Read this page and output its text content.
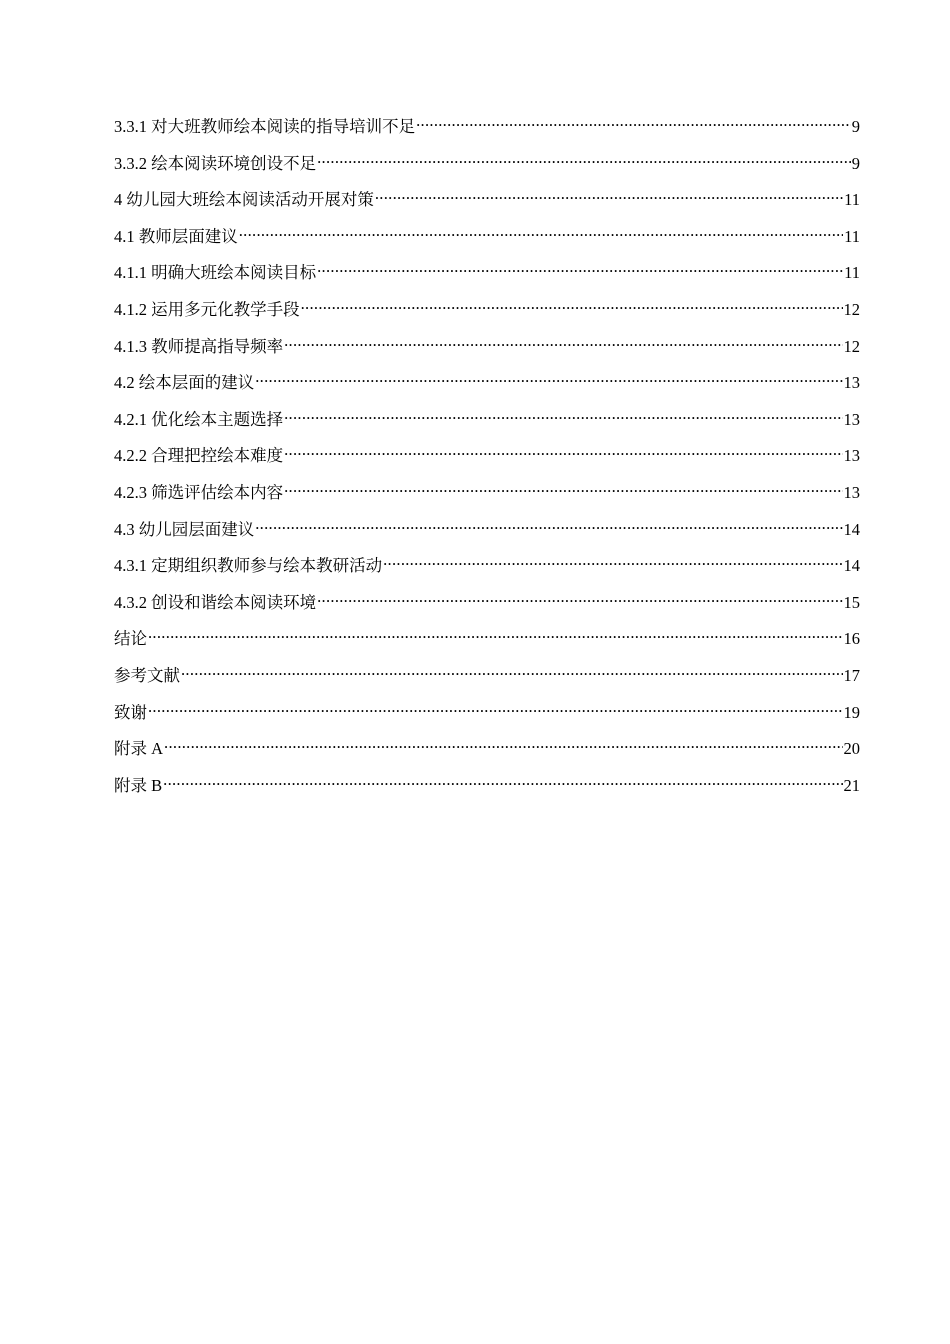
3.3.1 对大班教师绘本阅读的指导培训不足 .....	9
3.3.2 绘本阅读环境创设不足 .....	9
4 幼儿园大班绘本阅读活动开展对策 .....	11
4.1 教师层面建议 .....	11
4.1.1 明确大班绘本阅读目标 .....	11
4.1.2 运用多元化教学手段 .....	12
4.1.3 教师提高指导频率 .....	12
4.2 绘本层面的建议 .....	13
4.2.1 优化绘本主题选择 .....	13
4.2.2 合理把控绘本难度 .....	13
4.2.3 筛选评估绘本内容 .....	13
4.3 幼儿园层面建议 .....	14
4.3.1 定期组织教师参与绘本教研活动 .....	14
4.3.2 创设和谐绘本阅读环境 .....	15
结论 .....	16
参考文献 .....	17
致谢 .....	19
附录 A .....	20
附录 B .....	21
